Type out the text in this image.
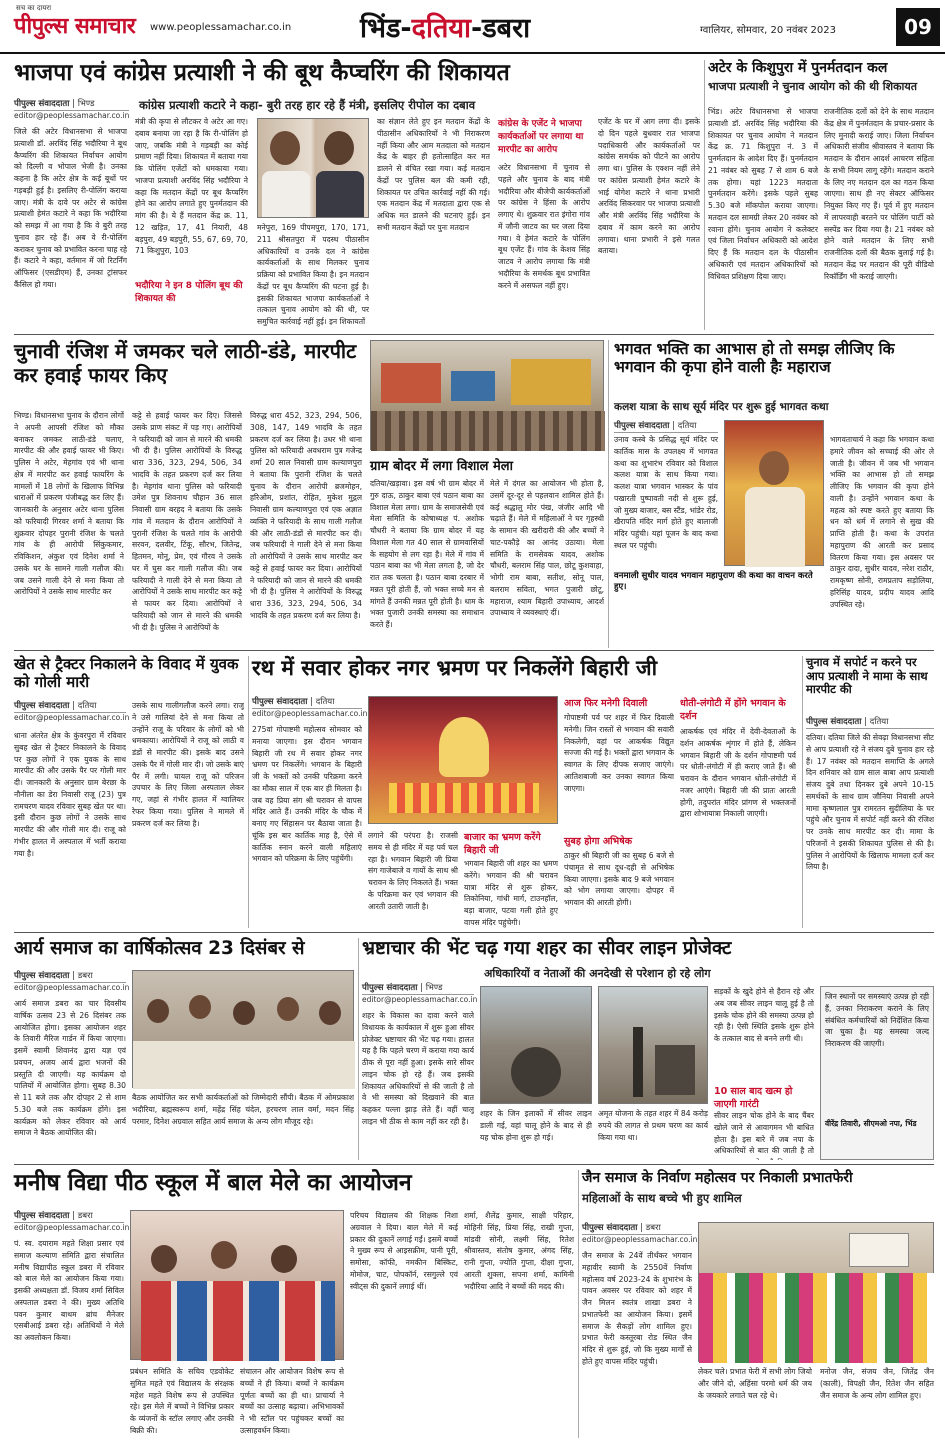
सच का दायरा
पीपुल्स समाचार www.peoplessamachar.co.in	भिंड-दतिया-डबरा	ग्वालियर, सोमवार, 20 नवंबर 2023	09
भाजपा एवं कांग्रेस प्रत्याशी ने की बूथ कैप्चरिंग की शिकायत
पीपुल्स संवाददाता | भिण्ड
editor@peoplessamachar.co.in
कांग्रेस प्रत्याशी कटारे ने कहा- बुरी तरह हार रहे हैं मंत्री, इसलिए रीपोल का दबाव
जिले की अटेर विधानसभा से भाजपा प्रत्याशी डॉ. अरविंद सिंह भदौरिया ने बूथ कैप्चरिंग की शिकायत निर्वाचन आयोग को दिल्ली व भोपाल भेजी है। उनका कहना है कि अटेर क्षेत्र के कई बूथों पर गड़बड़ी हुई है। इसलिए री-पोलिंग कराया जाए। मंत्री के दावे पर अटेर से कांग्रेस प्रत्याशी हेमंत कटारे ने कहा कि भदौरिया को समझ में आ गया है कि वे बुरी तरह चुनाव हार रहे हैं। अब वे री-पोलिंग कराकर चुनाव को प्रभावित करना चाह रहे हैं। कटारे ने कहा, वर्तमान में जो रिटर्निंग ऑफिसर (एसडीएम) हैं, उनका ट्रांसफर कैंसिल हो गया।
मंत्री की कृपा से लौटकर वे अटेर आ गए। दबाव बनाया जा रहा है कि री-पोलिंग हो जाए, जबकि मंत्री ने गड़बड़ी का कोई प्रमाण नहीं दिया। शिकायत में बताया गया कि पोलिंग एजेंटों को धमकाया गया। भाजपा प्रत्याशी अरविंद सिंह भदौरिया ने कहा कि मतदान केंद्रों पर बूथ कैप्चरिंग होने का आरोप लगाते हुए पुनर्मतदान की मांग की है। ये हैं मतदान केंद्र क्र. 11, 12 खड़ित, 17, 41 नियारी, 48 बड़पुरा, 49 बड़पुरी, 55, 67, 69, 70, 71 किशुपुरा, 103
भदौरिया ने इन 8 पोलिंग बूथ की शिकायत की
मनेपुरा, 169 पीपमपुरा, 170, 171, 211 श्रीसतपुरा में पदस्थ पीठासीन अधिकारियों व उनके दल ने कांग्रेस कार्यकर्ताओं के साथ मिलकर चुनाव प्रक्रिया को प्रभावित किया है। इन मतदान केंद्रों पर बूथ कैप्चरिंग की घटना हुई है। इसकी शिकायत भाजपा कार्यकर्ताओं ने तत्काल चुनाव आयोग को की थी, पर समुचित कार्रवाई नहीं हुई। इन शिकायतों
का संज्ञान लेते हुए इन मतदान केंद्रों के पीठासीन अधिकारियों ने भी निराकरण नहीं किया और आम मतदाता को मतदान केंद्र के बाहर ही हतोत्साहित कर मत डालने से वंचित रखा गया। कई मतदान केंद्रों पर पुलिस बल की कमी रही, शिकायत पर उचित कार्रवाई नहीं की गई। एक मतदान केंद्र में मतदाता द्वारा एक से अधिक मत डालने की घटनाएं हुईं। इन सभी मतदान केंद्रों पर पुनः मतदान
कांग्रेस के एजेंट ने भाजपा कार्यकर्ताओं पर लगाया था मारपीट का आरोप
अटेर विधानसभा में चुनाव से पहले और चुनाव के बाद मंत्री भदौरिया और बीजेपी कार्यकर्ताओं पर कांग्रेस ने हिंसा के आरोप लगाए थे। शुक्रवार रात इंगोरा गांव में जौनी जाटव का घर जला दिया गया। वे हेमंत कटारे के पोलिंग बूथ एजेंट हैं। गांव के केशव सिंह जाटव ने आरोप लगाया कि मंत्री भदौरिया के समर्थक बूथ प्रभावित करने में असफल नहीं हुए।
एजेंट के घर में आग लगा दी। इसके दो दिन पहले बुधवार रात भाजपा पदाधिकारी और कार्यकर्ताओं पर कांग्रेस समर्थक को पीटने का आरोप लगा था। पुलिस के एक्शन नहीं लेने पर कांग्रेस प्रत्याशी हेमंत कटारे के भाई योगेश कटारे ने थाना प्रभारी अरविंद सिकरवार पर भाजपा प्रत्याशी और मंत्री अरविंद सिंह भदौरिया के दबाव में काम करने का आरोप लगाया। थाना प्रभारी ने इसे गलत बताया।
अटेर के किशुपुरा में पुनर्मतदान कल
भाजपा प्रत्याशी ने चुनाव आयोग को की थी शिकायत
भिंड। अटेर विधानसभा से भाजपा प्रत्याशी डॉ. अरविंद सिंह भदौरिया की शिकायत पर चुनाव आयोग ने मतदान केंद्र क्र. 71 किशुपुरा नं. 3 में पुनर्मतदान के आदेश दिए हैं। पुनर्मतदान 21 नवंबर को सुबह 7 से शाम 6 बजे तक होगा। यहां 1223 मतदाता पुनर्मतदान करेंगे। इसके पहले सुबह 5.30 बजे मॉकपोल कराया जाएगा। मतदान दल सामग्री लेकर 20 नवंबर को रवाना होंगे। चुनाव आयोग ने कलेक्टर एवं जिला निर्वाचन अधिकारी को आदेश दिए हैं कि मतदान दल के पीठासीन अधिकारी एवं मतदान अधिकारियों को विधिवत प्रशिक्षण दिया जाए।
राजनीतिक दलों को देने के साथ मतदान केंद्र क्षेत्र में पुनर्मतदान के प्रचार-प्रसार के लिए मुनादी कराई जाए। जिला निर्वाचन अधिकारी संजीव श्रीवास्तव ने बताया कि मतदान के दौरान आदर्श आचरण संहिता के सभी नियम लागू रहेंगे। मतदान कराने के लिए नए मतदान दल का गठन किया जाएगा। साथ ही नए सेक्टर ऑफिसर नियुक्त किए गए हैं। पूर्व में हुए मतदान में लापरवाही बरतने पर पोलिंग पार्टी को सस्पेंड कर दिया गया है। 21 नवंबर को होने वाले मतदान के लिए सभी राजनीतिक दलों की बैठक बुलाई गई है। मतदान केंद्र पर मतदान की पूरी वीडियो रिकॉर्डिंग भी कराई जाएगी।
चुनावी रंजिश में जमकर चले लाठी-डंडे, मारपीट कर हवाई फायर किए
भिण्ड। विधानसभा चुनाव के दौरान लोगों ने अपनी आपसी रंजिश को मौका बनाकर जमकर लाठी-डंडे चलाए, मारपीट की और हवाई फायर भी किए। पुलिस ने अटेर, मेहगांव एवं भी थाना क्षेत्र में मारपीट कर हवाई फायरिंग के मामलों में 18 लोगों के खिलाफ विभिन्न धाराओं में प्रकरण पंजीबद्ध कर लिए हैं। जानकारी के अनुसार अटेर थाना पुलिस को फरियादी गिरवर शर्मा ने बताया कि शुक्रवार दोपहर पुरानी रंजिश के चलते गांव के ही आरोपी सिंकुकमार, रविकिशन, अंकुश एवं दिनेश शर्मा ने उसके घर के सामने गाली गलौज की। जब उसने गाली देने से मना किया तो आरोपियों ने उसके साथ मारपीट कर
कट्टे से हवाई फायर कर दिए। जिससे उसके प्राण संकट में पड़ गए। आरोपियों ने फरियादी को जान से मारने की धमकी भी दी है। पुलिस आरोपियों के विरुद्ध धारा 336, 323, 294, 506, 34 भादवि के तहत प्रकरण दर्ज कर लिया है। मेहगांव थाना पुलिस को फरियादी उमेश पुत्र शिवनाथ चौहान 36 साल निवासी ग्राम बरहद ने बताया कि उसके गांव में मतदान के दौरान आरोपियों ने पुरानी रंजिश के चलते गांव के आरोपी सरवन, दलवीर, टिंकू, सौरभ, जितेन्द्र, हितमन, मोनू, प्रेम, एवं गौरव ने उसके घर में घुस कर गाली गलौज की। जब फरियादी ने गाली देने से मना किया तो आरोपियों ने उसके साथ मारपीट कर कट्टे से फायर कर दिया। आरोपियों ने फरियादी को जान से मारने की धमकी भी दी है। पुलिस ने आरोपियों के
विरुद्ध धारा 452, 323, 294, 506, 308, 147, 149 भादवि के तहत प्रकरण दर्ज कर लिया है। उधर भी थाना पुलिस को फरियादी अवधराम पुत्र गजेन्द्र शर्मा 20 साल निवासी ग्राम कल्याणपुरा ने बताया कि पुरानी रंजिश के चलते चुनाव के दौरान आरोपी ब्रजमोहन, हरिओम, प्रशांत, रोहित, मुकेश मुद्गल निवासी ग्राम कल्याणपुरा एवं एक अज्ञात व्यक्ति ने फरियादी के साथ गाली गलौज की और लाठी-डंडों से मारपीट कर दी। जब फरियादी ने गाली देने से मना किया तो आरोपियों ने उसके साथ मारपीट कर कट्टे से हवाई फायर कर दिया। आरोपियों ने फरियादी को जान से मारने की धमकी भी दी है। पुलिस ने आरोपियों के विरुद्ध धारा 336, 323, 294, 506, 34 भादवि के तहत प्रकरण दर्ज कर लिया है।
ग्राम बोदर में लगा विशाल मेला
दतिया/खड़ावा। इस वर्ष भी ग्राम बोदर में गुरु दाऊ, ठाकुर बाबा एवं पठान बाबा का विशाल मेला लगा। ग्राम के समाजसेवी एवं मेला समिति के कोषाध्यक्ष पं. अशोक चौधरी ने बताया कि ग्राम बोदर में यह विशाल मेला गत 40 साल से ग्रामवासियों के सहयोग से लग रहा है। मेले में गांव में पठान बाबा का भी मेला लगता है, जो देर रात तक चलता है। पठान बाबा दरबार में मन्नत पूरी होती हैं, जो भक्त सच्चे मन से मांगते हैं उनकी मन्नत पूरी होती है। धाम के भक्त पुजारी उनकी समस्या का समाधान करते हैं।
मेले में दंगल का आयोजन भी होता है, उसमें दूर-दूर से पहलवान शामिल होते हैं। कई श्रद्धालु मोर पंख, जंजीर आदि भी चढ़ाते हैं। मेले में महिलाओं ने घर गृहस्थी के सामान की खरीदारी की और बच्चों ने चाट-पकौड़े का आनंद उठाया। मेला समिति के रामसेवक यादव, अशोक चौधरी, बलराम सिंह पाल, छोटू कुशवाहा, भोगी राम बाबा, सतीश, सोनू पाल, बलराम सविता, भगत पुजारी छोटू, महाराज, श्याम बिहारी उपाध्याय, आदर्श उपाध्याय ने व्यवस्थाएं दीं।
भगवत भक्ति का आभास हो तो समझ लीजिए कि भगवान की कृपा होने वाली हैः महाराज
कलश यात्रा के साथ सूर्य मंदिर पर शुरू हुई भागवत कथा
पीपुल्स संवाददाता | दतिया
उनाव कस्बे के प्रसिद्ध सूर्य मंदिर पर कार्तिक मास के उपलक्ष्य में भागवत कथा का शुभारंभ रविवार को विशाल कलश यात्रा के साथ किया गया। कलश यात्रा भगवान भास्कर के पांव पखारती पुष्पावती नदी से शुरू हुई, जो मुख्य बाजार, बस स्टैंड, भांडेर रोड, खैरापति मंदिर मार्ग होते हुए बालाजी मंदिर पहुंची। यहां पूजन के बाद कथा स्थल पर पहुंची।
वनमाली सुधीर यादव भगवान महापुराण की कथा का वाचन करते हुए।
भागवताचार्य ने कहा कि भगवान कथा हमारे जीवन को सच्चाई की ओर ले जाती है। जीवन में जब भी भगवान भक्ति का आभास हो तो समझ लीजिए कि भगवान की कृपा होने वाली है। उन्होंने भगवान कथा के महत्व को स्पष्ट करते हुए बताया कि धन को धर्म में लगाने से सुख की प्राप्ति होती है। कथा के उपरांत महापुराण की आरती कर प्रसाद वितरण किया गया। इस अवसर पर ठाकुर दादा, सुधीर यादव, नरेश राठौर, रामकृष्ण सोनी, रामप्रताप सड़ोलिया, हरिसिंह यादव, प्रदीप यादव आदि उपस्थित रहे।
खेत से ट्रैक्टर निकालने के विवाद में युवक को गोली मारी
पीपुल्स संवाददाता | दतिया
editor@peoplessamachar.co.in
धाना अंतरेत क्षेत्र के कुंवरपुरा में रविवार सुबह खेत से ट्रैक्टर निकालने के विवाद पर कुछ लोगों ने एक युवक के साथ मारपीट की और उसके पैर पर गोली मार दी। जानकारी के अनुसार ग्राम बेरछा के नौनीला का डेरा निवासी राजू (23) पुत्र रामचरण यादव रविवार सुबह खेत पर था। इसी दौरान कुछ लोगों ने उसके साथ मारपीट की और गोली मार दी। राजू को गंभीर हालत में अस्पताल में भर्ती कराया गया है।
उसके साथ गालीगलौज करने लगा। राजू ने उसे गालियां देने से मना किया तो उन्होंने राजू के परिवार के लोगों को भी धमकाया। आरोपियों ने राजू को लाठी व डंडों से मारपीट की। इसके बाद उसने उसके पैर में गोली मार दी। जो उसके बाएं पैर में लगी। घायल राजू को परिजन उपचार के लिए जिला अस्पताल लेकर गए, जहां से गंभीर हालत में ग्वालियर रेफर किया गया। पुलिस ने मामले में प्रकरण दर्ज कर लिया है।
रथ में सवार होकर नगर भ्रमण पर निकलेंगे बिहारी जी
पीपुल्स संवाददाता | दतिया
editor@peoplessamachar.co.in
275वां गोपाष्टमी महोत्सव सोमवार को मनाया जाएगा। इस दौरान भगवान बिहारी जी रथ में सवार होकर नगर भ्रमण पर निकलेंगे। भगवान के बिहारी जी के भक्तों को उनकी परिक्रमा करने का मौका साल में एक बार ही मिलता है। जब वह प्रिया संग श्री चरावन से वापस मंदिर आते हैं। उनकी मंदिर के चौक में बनाए गए सिंहासन पर बैठाया जाता है। चूंकि इस बार कार्तिक माह है, ऐसे में कार्तिक स्नान करने वाली महिलाएं भगवान को परिक्रमा के लिए पहुंचेंगी।
लगाने की परंपरा है। राजसी समय से ही मंदिर में यह पर्व चल रहा है। भगवान बिहारी जी प्रिया संग गाजेबाजे व गायों के साथ श्री चरावन के लिए निकलते हैं। भक्त के परिक्रमा कर एवं भगवान की आरती उतारी जाती है।
बाजार का भ्रमण करेंगे बिहारी जी
भगवान बिहारी जी शहर का भ्रमण करेंगे। भगवान की श्री चरावन यात्रा मंदिर से शुरू होकर, तिकोनिया, गांधी मार्ग, टाउनहॉल, बड़ा बाजार, पटवा गली होते हुए वापस मंदिर पहुंचेगी।
आज फिर मनेगी दिवाली
गोपाष्टमी पर्व पर शहर में फिर दिवाली मनेगी। जिन रास्तों से भगवान की सवारी निकलेगी, वहां पर आकर्षक विद्युत सज्जा की गई है। भक्तों द्वारा भगवान के स्वागत के लिए दीपक सजाए जाएंगे। आतिशबाजी कर उनका स्वागत किया जाएगा।
सुबह होगा अभिषेक
ठाकुर श्री बिहारी जी का सुबह 6 बजे से पंचामृत से साथ दूध-दही से अभिषेक किया जाएगा। इसके बाद 9 बजे भगवान को भोग लगाया जाएगा। दोपहर में भगवान की आरती होगी।
धोती-लंगोटी में होंगे भगवान के दर्शन
आकर्षक एवं मंदिर में देवी-देवताओं के दर्शन आकर्षक शृंगार में होते हैं, लेकिन भगवान बिहारी जी के दर्शन गोपाष्टमी पर्व पर धोती-लंगोटी में ही कराए जाते हैं। श्री चरावन के दौरान भगवान धोती-लंगोटी में नजर आएंगे। बिहारी जी की प्रातः आरती होगी, तदुपरांत मंदिर प्रांगण से भक्तजनों द्वारा शोभायात्रा निकाली जाएगी।
चुनाव में सपोर्ट न करने पर आप प्रत्याशी ने मामा के साथ मारपीट की
पीपुल्स संवाददाता | दतिया
दतिया। दतिया जिले की सेवढ़ा विधानसभा सीट से आप प्रत्याशी रहे ने संजय दुबे चुनाव हार रहे हैं। 17 नवंबर को मतदान समाप्ति के अगले दिन शनिवार को ग्राम साल बाबा आप प्रत्याशी संजय दुबे तथा दिनकर दुबे अपने 10-15 समर्थकों के साथ ग्राम जौनिया निवासी अपने मामा कृष्णलाल पुत्र रामरतन सुदीलिया के घर पहुंचे और चुनाव में सपोर्ट नहीं करने की रंजिश पर उनके साथ मारपीट कर दी। मामा के परिजनों ने इसकी शिकायत पुलिस से की है। पुलिस ने आरोपियों के खिलाफ मामला दर्ज कर लिया है।
आर्य समाज का वार्षिकोत्सव 23 दिसंबर से
पीपुल्स संवाददाता | डबरा
editor@peoplessamachar.co.in
आर्य समाज डबरा का चार दिवसीय वार्षिक उत्सव 23 से 26 दिसंबर तक आयोजित होगा। इसका आयोजन शहर के तिवारी मैरिज गार्डन में किया जाएगा। इसमें स्वामी शिवानंद द्वारा यज्ञ एवं प्रवचन, अजय आर्य द्वारा भजनों की प्रस्तुति दी जाएगी। यह कार्यक्रम दो पालियों में आयोजित होगा। सुबह 8.30 से 11 बजे तक और दोपहर 2 से शाम 5.30 बजे तक कार्यक्रम होंगे। इस कार्यक्रम को लेकर रविवार को आर्य समाज ने बैठक आयोजित की।
बैठक आयोजित कर सभी कार्यकर्ताओं को जिम्मेदारी सौंपी। बैठक में ओमप्रकाश भदौरिया, ब्रह्मस्वरूप शर्मा, महेंद्र सिंह चंदेल, हरचरण लाल वर्मा, मदन सिंह परमार, दिनेश अग्रवाल सहित आर्य समाज के अन्य लोग मौजूद रहे।
भ्रष्टाचार की भेंट चढ़ गया शहर का सीवर लाइन प्रोजेक्ट
अधिकारियों व नेताओं की अनदेखी से परेशान हो रहे लोग
पीपुल्स संवाददाता | भिण्ड
editor@peoplessamachar.co.in
शहर के विकास का दावा करने वाले विधायक के कार्यकाल में शुरू हुआ सीवर प्रोजेक्ट भ्रष्टाचार की भेंट चढ़ गया। हालत यह है कि पहले चरण में कराया गया कार्य ठीक से पूरा नहीं हुआ। इसके सारे सीवर लाइन चोक हो रहे हैं। जब इसकी शिकायत अधिकारियों से की जाती है तो वे भी समस्या को दिखवाने की बात कहकर पल्ला झाड़ लेते हैं। वहीं चालू लाइन भी ठीक से काम नहीं कर रही है।
शहर के जिन इलाकों में सीवर लाइन डाली गई, वहां चालू होने के बाद से ही यह चोक होना शुरू हो गई।
अमृत योजना के तहत शहर में 84 करोड़ रुपये की लागत से प्रथम चरण का कार्य किया गया था।
सड़कों के खुदे होने से हैरान रहे और अब जब सीवर लाइन चालू हुई है तो इसके चोक होने की समस्या उत्पन्न हो रही है। ऐसी स्थिति इसके शुरू होने के तत्काल बाद से बनने लगी थी।
10 साल बाद खत्म हो जाएगी गारंटी
सीवर लाइन चोक होने के बाद चैंबर खोले जाने से आवागमन भी बाधित होता है। इस बारे में जब नपा के अधिकारियों से बात की जाती है तो
जिन स्थानों पर समस्याएं उत्पन्न हो रही हैं, उनका निराकरण कराने के लिए संबंधित कर्मचारियों को निर्देशित किया जा चुका है। यह समस्या जल्द निराकरण की जाएगी।
वीरेंद्र तिवारी, सीएमओ नपा, भिंड
मनीष विद्या पीठ स्कूल में बाल मेले का आयोजन
पीपुल्स संवाददाता | डबरा
editor@peoplessamachar.co.in
पं. स्व. दयाराम महते शिक्षा प्रसार एवं समाज कल्याण समिति द्वारा संचालित मनीष विद्यापीठ स्कूल डबरा में रविवार को बाल मेले का आयोजन किया गया। इसकी अध्यक्षता डॉ. विजय शर्मा सिविल अस्पताल डबरा ने की। मुख्य अतिथि पवन कुमार बाथम ब्रांच मैनेजर एसबीआई डबरा रहे। अतिथियों ने मेले का अवलोकन किया।
प्रबंधन समिति के सचिव एडवोकेट सुमित महते एवं विद्यालय के संरक्षक महेश महते विशेष रूप से उपस्थित रहे। इस मेले में बच्चों ने विभिन्न प्रकार के व्यंजनों के स्टॉल लगाए और उनकी बिक्री की।
संचालन और आयोजन विशेष रूप से बच्चों ने ही किया। बच्चों ने कार्यक्रम पूर्णतः बच्चों का ही था। प्राचार्या ने बच्चों का उत्साह बढ़ाया। अभिभावकों ने भी स्टॉल पर पहुंचकर बच्चों का उत्साहवर्धन किया।
परिचय विद्यालय की शिक्षक निशा अग्रवाल ने दिया। बाल मेले में कई प्रकार की दुकानें लगाई गईं। इसमें बच्चों ने मुख्य रूप से आइसक्रीम, पानी पूरी, समोसा, कॉफी, नमकीन बिस्किट, मोमोज, चाट, पोपकॉर्न, रसगुल्ले एवं स्वीट्स की दुकानें लगाई थीं।
शर्मा, शैलेंद्र कुमार, साक्षी परिहार, मोहिनी सिंह, प्रिया सिंह, राखी गुप्ता, मांडवी सोनी, लक्ष्मी सिंह, रितेश श्रीवास्तव, संतोष कुमार, अंगद सिंह, रानी गुप्ता, ज्योति गुप्ता, दीक्षा गुप्ता, आरती शुक्ला, सपना शर्मा, कामिनी भदौरिया आदि ने बच्चों की मदद की।
जैन समाज के निर्वाण महोत्सव पर निकाली प्रभातफेरी
महिलाओं के साथ बच्चे भी हुए शामिल
पीपुल्स संवाददाता | डबरा
editor@peoplessamachar.co.in
जैन समाज के 24वें तीर्थंकर भगवान महावीर स्वामी के 2550वें निर्वाण महोत्सव वर्ष 2023-24 के शुभारंभ के पावन अवसर पर रविवार को शहर में जैन मिलन स्वतंत्र शाखा डबरा ने प्रभातफेरी का आयोजन किया। इसमें समाज के सैकड़ों लोग शामिल हुए। प्रभात फेरी कस्तूरबा रोड स्थित जैन मंदिर से शुरू हुई, जो कि मुख्य मार्गों से होते हुए वापस मंदिर पहुंची।
लेकर चले। प्रभात फेरी में सभी लोग जियो और जीने दो, अहिंसा परमो धर्म की जय के जयकारे लगाते चल रहे थे।
मनोज जैन, संजय जैन, जितेंद्र जैन (काली), विपक्षी जैन, रितेश जैन सहित जैन समाज के अन्य लोग शामिल हुए।
